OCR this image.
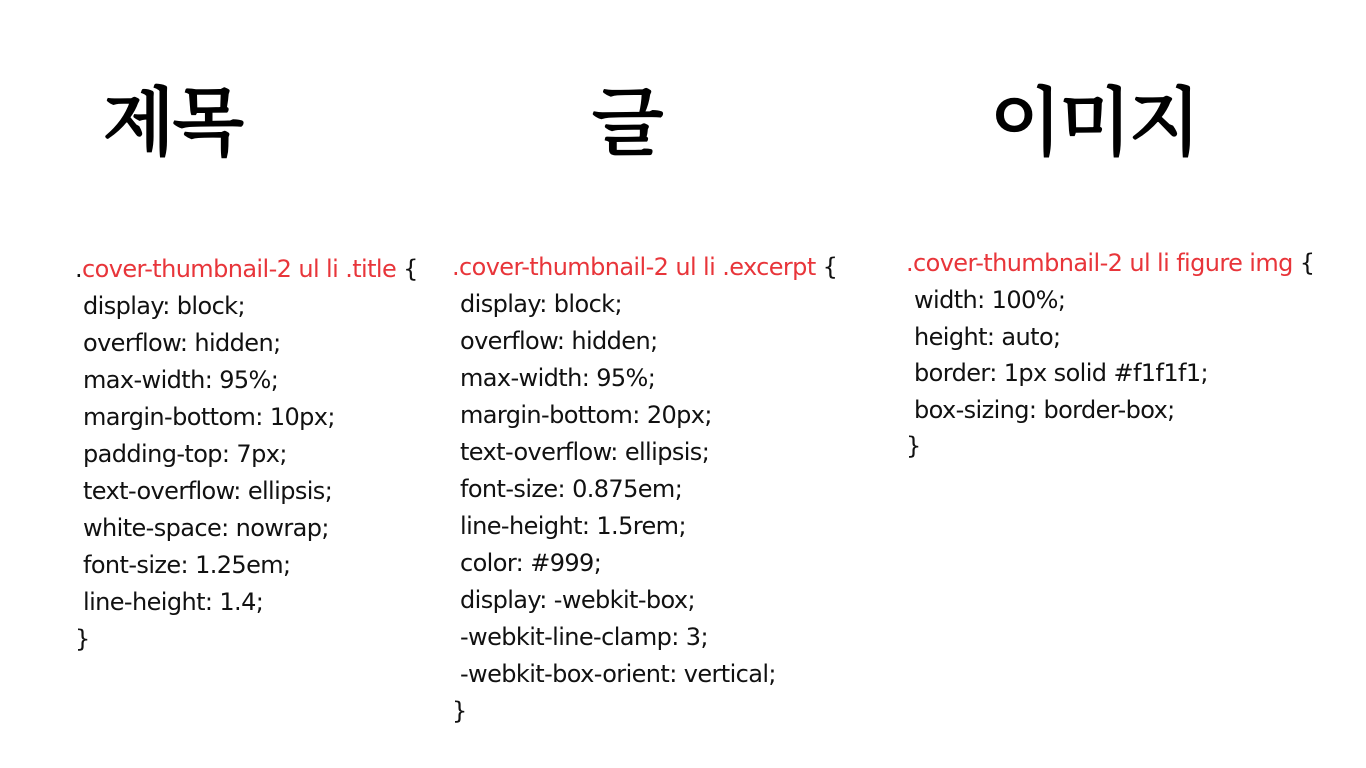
제목	글	이미지
.cover-thumbnail-2 ul li .title {
display: block;
overflow: hidden;
max-width: 95%;
margin-bottom: 10px;
padding-top: 7px;
text-overflow: ellipsis;
white-space: nowrap;
font-size: 1.25em;
line-height: 1.4;
}
.cover-thumbnail-2 ul li .excerpt {
display: block;
overflow: hidden;
max-width: 95%;
margin-bottom: 20px;
text-overflow: ellipsis;
font-size: 0.875em;
line-height: 1.5rem;
color: #999;
display: -webkit-box;
-webkit-line-clamp: 3;
-webkit-box-orient: vertical;
}
.cover-thumbnail-2 ul li figure img {
width: 100%;
height: auto;
border: 1px solid #f1f1f1;
box-sizing: border-box;
}
